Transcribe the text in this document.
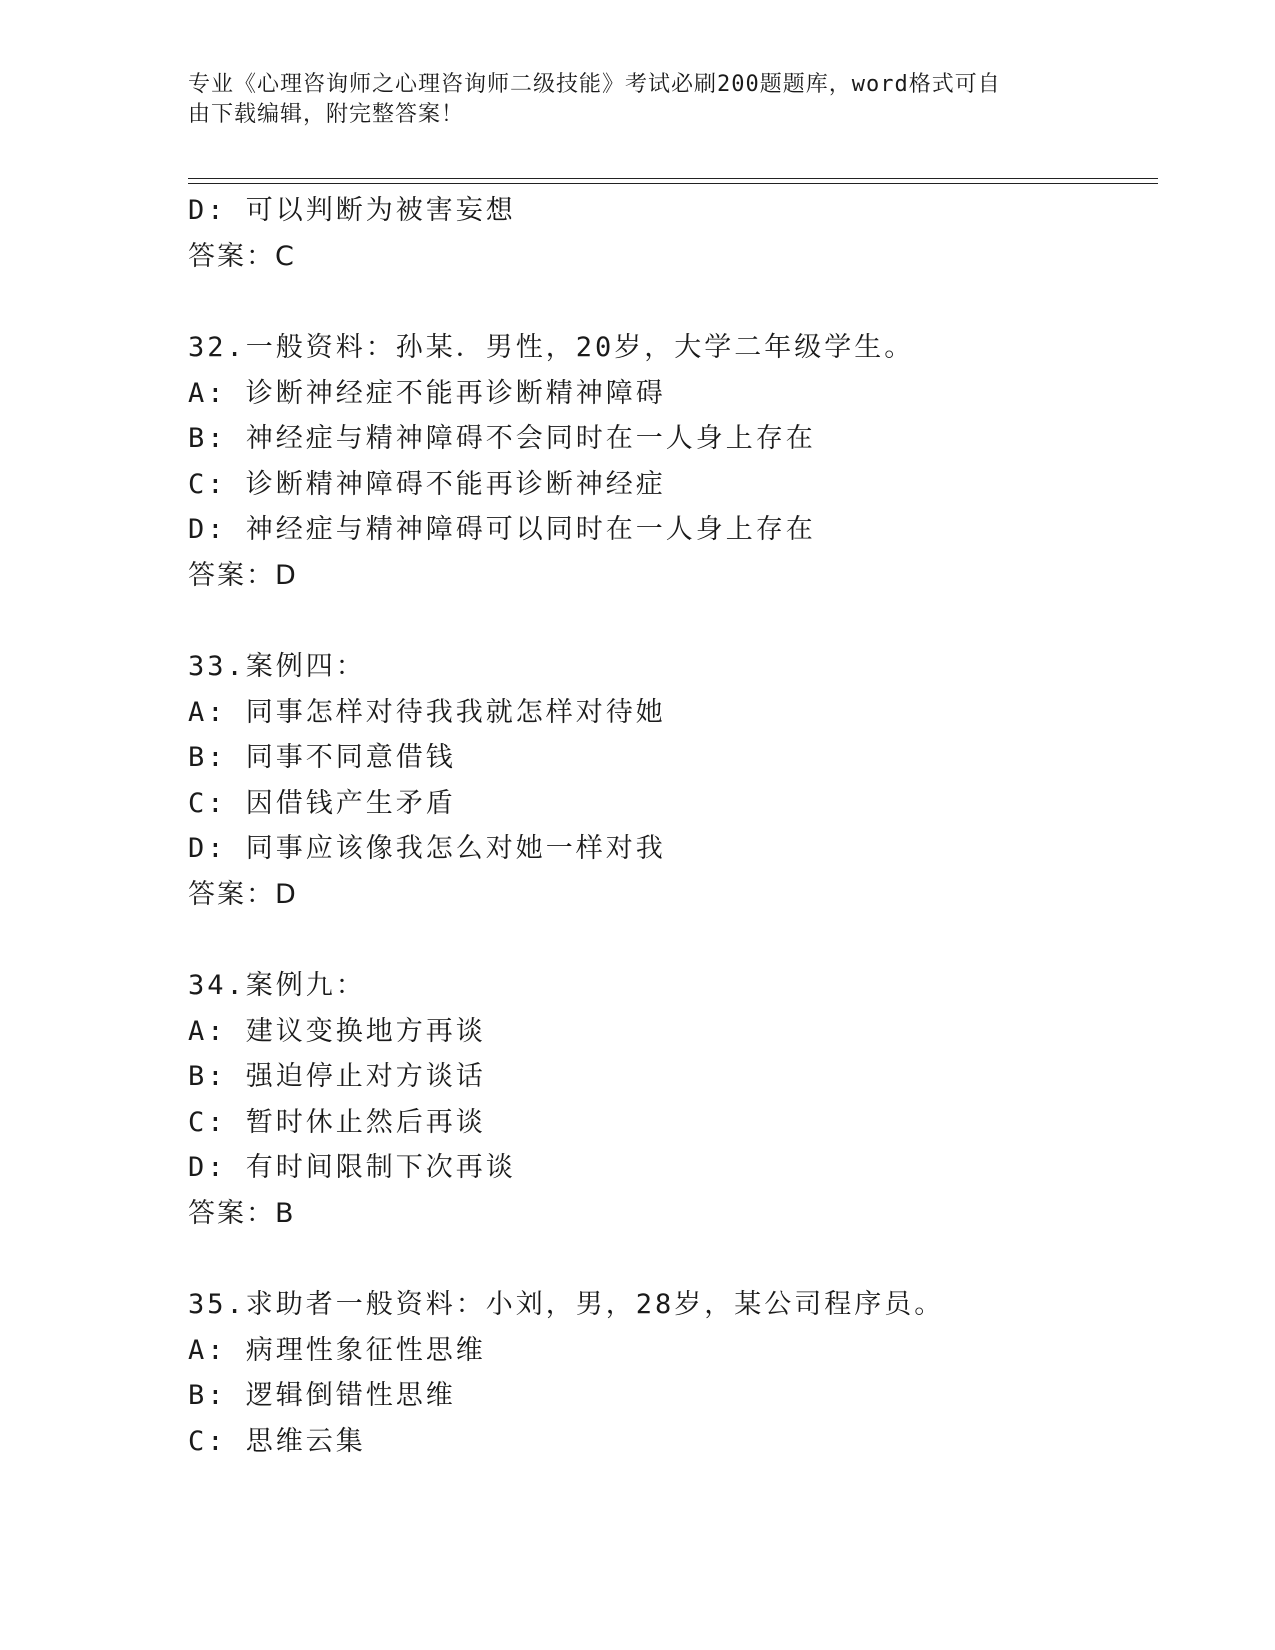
专业《心理咨询师之心理咨询师二级技能》考试必刷200题题库，word格式可自
由下载编辑，附完整答案！
D: 可以判断为被害妄想
答案：C
32.一般资料：孙某．男性，20岁，大学二年级学生。
A: 诊断神经症不能再诊断精神障碍
B: 神经症与精神障碍不会同时在一人身上存在
C: 诊断精神障碍不能再诊断神经症
D: 神经症与精神障碍可以同时在一人身上存在
答案：D
33.案例四：
A: 同事怎样对待我我就怎样对待她
B: 同事不同意借钱
C: 因借钱产生矛盾
D: 同事应该像我怎么对她一样对我
答案：D
34.案例九：
A: 建议变换地方再谈
B: 强迫停止对方谈话
C: 暂时休止然后再谈
D: 有时间限制下次再谈
答案：B
35.求助者一般资料：小刘，男，28岁，某公司程序员。
A: 病理性象征性思维
B: 逻辑倒错性思维
C: 思维云集
